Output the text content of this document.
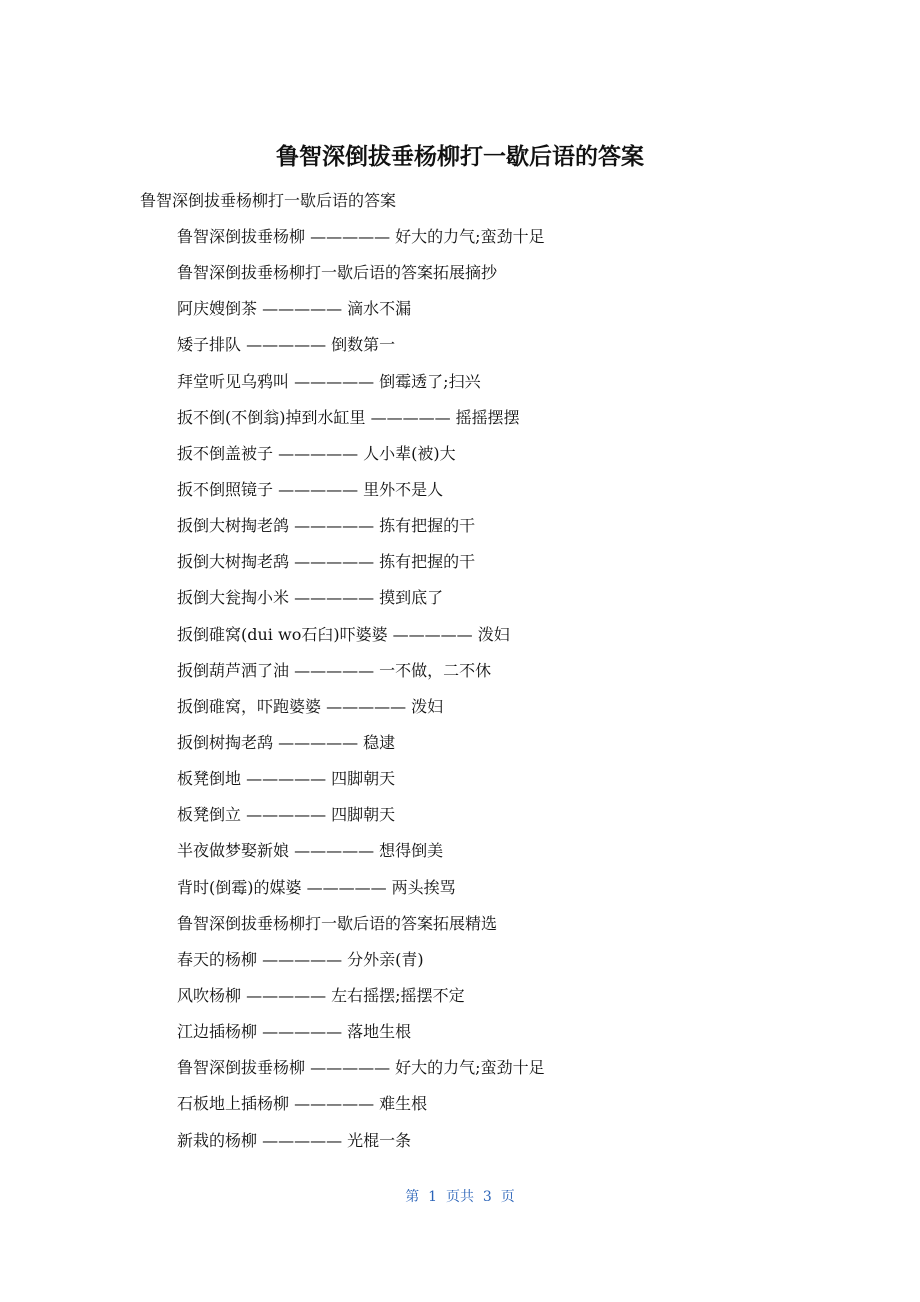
鲁智深倒拔垂杨柳打一歇后语的答案
鲁智深倒拔垂杨柳打一歇后语的答案
鲁智深倒拔垂杨柳 ————— 好大的力气;蛮劲十足
鲁智深倒拔垂杨柳打一歇后语的答案拓展摘抄
阿庆嫂倒茶 ————— 滴水不漏
矮子排队 ————— 倒数第一
拜堂听见乌鸦叫 ————— 倒霉透了;扫兴
扳不倒(不倒翁)掉到水缸里 ————— 摇摇摆摆
扳不倒盖被子 ————— 人小辈(被)大
扳不倒照镜子 ————— 里外不是人
扳倒大树掏老鸽 ————— 拣有把握的干
扳倒大树掏老鸹 ————— 拣有把握的干
扳倒大瓮掏小米 ————— 摸到底了
扳倒碓窝(dui wo石臼)吓婆婆 ————— 泼妇
扳倒葫芦洒了油 ————— 一不做，二不休
扳倒碓窝，吓跑婆婆 ————— 泼妇
扳倒树掏老鸹 ————— 稳逮
板凳倒地 ————— 四脚朝天
板凳倒立 ————— 四脚朝天
半夜做梦娶新娘 ————— 想得倒美
背时(倒霉)的媒婆 ————— 两头挨骂
鲁智深倒拔垂杨柳打一歇后语的答案拓展精选
春天的杨柳 ————— 分外亲(青)
风吹杨柳 ————— 左右摇摆;摇摆不定
江边插杨柳 ————— 落地生根
鲁智深倒拔垂杨柳 ————— 好大的力气;蛮劲十足
石板地上插杨柳 ————— 难生根
新栽的杨柳 ————— 光棍一条
第  1  页共  3  页
